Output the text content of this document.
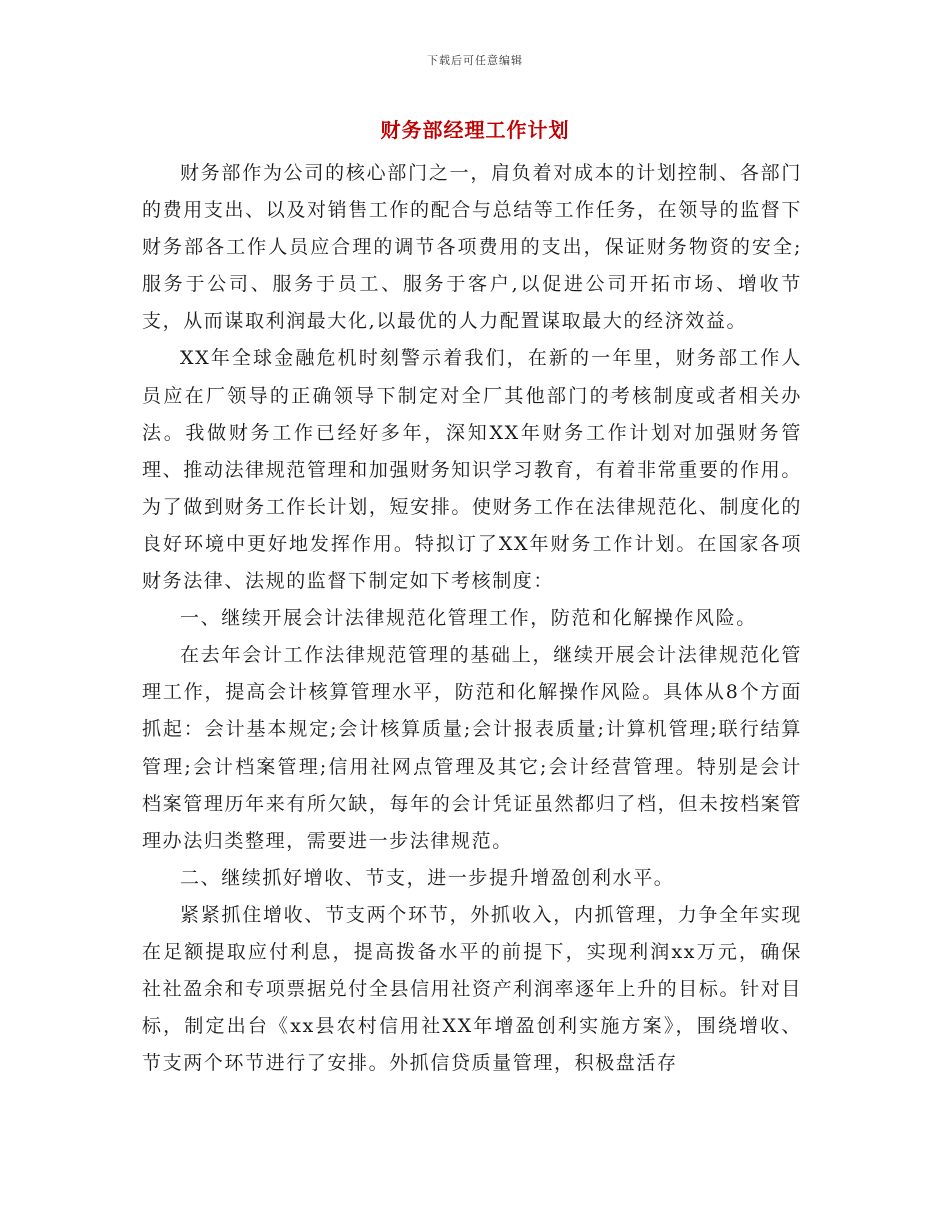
下载后可任意编辑
财务部经理工作计划

财务部作为公司的核心部门之一，肩负着对成本的计划控制、各部门的费用支出、以及对销售工作的配合与总结等工作任务，在领导的监督下财务部各工作人员应合理的调节各项费用的支出，保证财务物资的安全;服务于公司、服务于员工、服务于客户,以促进公司开拓市场、增收节支，从而谋取利润最大化,以最优的人力配置谋取最大的经济效益。

XX年全球金融危机时刻警示着我们，在新的一年里，财务部工作人员应在厂领导的正确领导下制定对全厂其他部门的考核制度或者相关办法。我做财务工作已经好多年，深知XX年财务工作计划对加强财务管理、推动法律规范管理和加强财务知识学习教育，有着非常重要的作用。为了做到财务工作长计划，短安排。使财务工作在法律规范化、制度化的良好环境中更好地发挥作用。特拟订了XX年财务工作计划。在国家各项财务法律、法规的监督下制定如下考核制度：

一、继续开展会计法律规范化管理工作，防范和化解操作风险。

在去年会计工作法律规范管理的基础上，继续开展会计法律规范化管理工作，提高会计核算管理水平，防范和化解操作风险。具体从8个方面抓起：会计基本规定;会计核算质量;会计报表质量;计算机管理;联行结算管理;会计档案管理;信用社网点管理及其它;会计经营管理。特别是会计档案管理历年来有所欠缺，每年的会计凭证虽然都归了档，但未按档案管理办法归类整理，需要进一步法律规范。

二、继续抓好增收、节支，进一步提升增盈创利水平。

紧紧抓住增收、节支两个环节，外抓收入，内抓管理，力争全年实现在足额提取应付利息，提高拨备水平的前提下，实现利润xx万元，确保社社盈余和专项票据兑付全县信用社资产利润率逐年上升的目标。针对目标，制定出台《xx县农村信用社XX年增盈创利实施方案》，围绕增收、节支两个环节进行了安排。外抓信贷质量管理，积极盘活存
